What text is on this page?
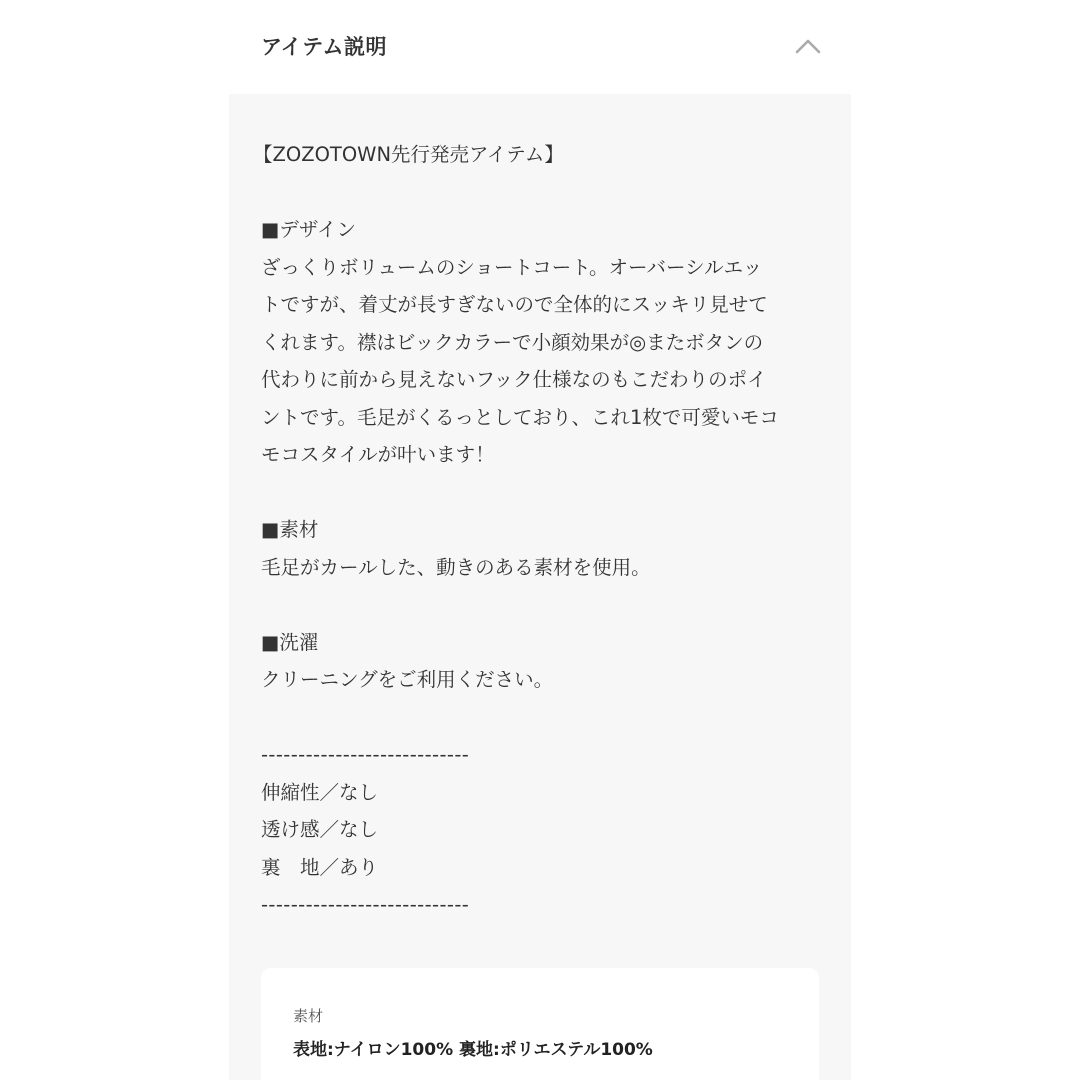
アイテム説明
【ZOZOTOWN先行発売アイテム】
■デザイン
ざっくりボリュームのショートコート。オーバーシルエッ
トですが、着丈が長すぎないので全体的にスッキリ見せて
くれます。襟はビックカラーで小顔効果が◎またボタンの
代わりに前から見えないフック仕様なのもこだわりのポイ
ントです。毛足がくるっとしており、これ1枚で可愛いモコ
モコスタイルが叶います！
■素材
毛足がカールした、動きのある素材を使用。
■洗濯
クリーニングをご利用ください。
----------------------------
伸縮性／なし
透け感／なし
裏　地／あり
----------------------------
素材
表地:ナイロン100% 裏地:ポリエステル100%
